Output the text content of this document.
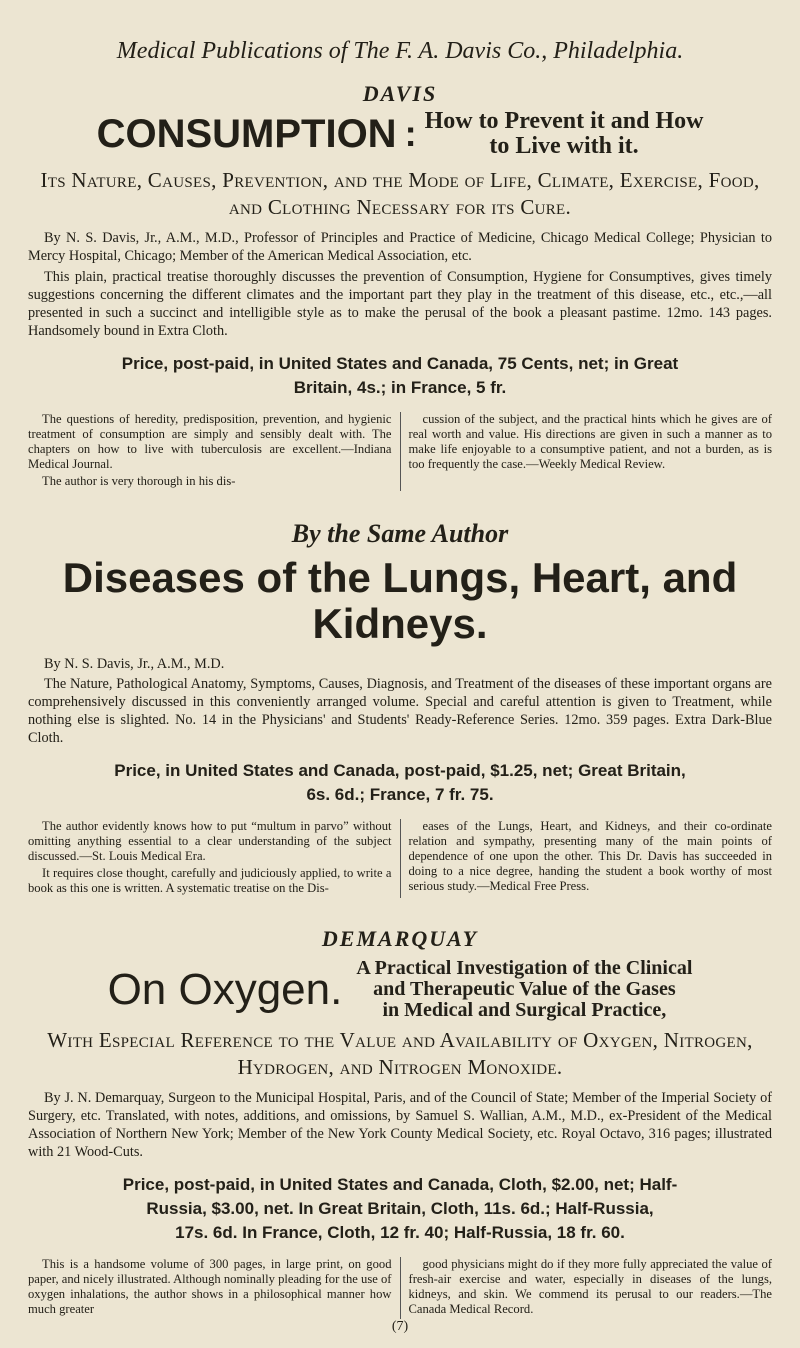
Medical Publications of The F. A. Davis Co., Philadelphia.
DAVIS
CONSUMPTION : How to Prevent it and How
to Live with it.
Its Nature, Causes, Prevention, and the Mode of Life, Climate, Exercise, Food, and Clothing Necessary for its Cure.

By N. S. Davis, Jr., A.M., M.D., Professor of Principles and Practice of Medicine, Chicago Medical College; Physician to Mercy Hospital, Chicago; Member of the American Medical Association, etc.

This plain, practical treatise thoroughly discusses the prevention of Consumption, Hygiene for Consumptives, gives timely suggestions concerning the different climates and the important part they play in the treatment of this disease, etc., etc.,—all presented in such a succinct and intelligible style as to make the perusal of the book a pleasant pastime. 12mo. 143 pages. Handsomely bound in Extra Cloth.

Price, post-paid, in United States and Canada, 75 Cents, net; in Great
Britain, 4s.; in France, 5 fr.

The questions of heredity, predisposition, prevention, and hygienic treatment of consumption are simply and sensibly dealt with. The chapters on how to live with tuberculosis are excellent.—Indiana Medical Journal.

The author is very thorough in his dis-

cussion of the subject, and the practical hints which he gives are of real worth and value. His directions are given in such a manner as to make life enjoyable to a consumptive patient, and not a burden, as is too frequently the case.—Weekly Medical Review.

By the Same Author
Diseases of the Lungs, Heart, and Kidneys.

By N. S. Davis, Jr., A.M., M.D.

The Nature, Pathological Anatomy, Symptoms, Causes, Diagnosis, and Treatment of the diseases of these important organs are comprehensively discussed in this conveniently arranged volume. Special and careful attention is given to Treatment, while nothing else is slighted. No. 14 in the Physicians' and Students' Ready-Reference Series. 12mo. 359 pages. Extra Dark-Blue Cloth.

Price, in United States and Canada, post-paid, $1.25, net; Great Britain,
6s. 6d.; France, 7 fr. 75.

The author evidently knows how to put “multum in parvo” without omitting anything essential to a clear understanding of the subject discussed.—St. Louis Medical Era.

It requires close thought, carefully and judiciously applied, to write a book as this one is written. A systematic treatise on the Dis-

eases of the Lungs, Heart, and Kidneys, and their co-ordinate relation and sympathy, presenting many of the main points of dependence of one upon the other. This Dr. Davis has succeeded in doing to a nice degree, handing the student a book worthy of most serious study.—Medical Free Press.

DEMARQUAY
On Oxygen. A Practical Investigation of the Clinical
and Therapeutic Value of the Gases
in Medical and Surgical Practice,
With Especial Reference to the Value and Availability of Oxygen, Nitrogen, Hydrogen, and Nitrogen Monoxide.

By J. N. Demarquay, Surgeon to the Municipal Hospital, Paris, and of the Council of State; Member of the Imperial Society of Surgery, etc. Translated, with notes, additions, and omissions, by Samuel S. Wallian, A.M., M.D., ex-President of the Medical Association of Northern New York; Member of the New York County Medical Society, etc. Royal Octavo, 316 pages; illustrated with 21 Wood-Cuts.

Price, post-paid, in United States and Canada, Cloth, $2.00, net; Half-
Russia, $3.00, net. In Great Britain, Cloth, 11s. 6d.; Half-Russia,
17s. 6d. In France, Cloth, 12 fr. 40; Half-Russia, 18 fr. 60.

This is a handsome volume of 300 pages, in large print, on good paper, and nicely illustrated. Although nominally pleading for the use of oxygen inhalations, the author shows in a philosophical manner how much greater

good physicians might do if they more fully appreciated the value of fresh-air exercise and water, especially in diseases of the lungs, kidneys, and skin. We commend its perusal to our readers.—The Canada Medical Record.

(7)
